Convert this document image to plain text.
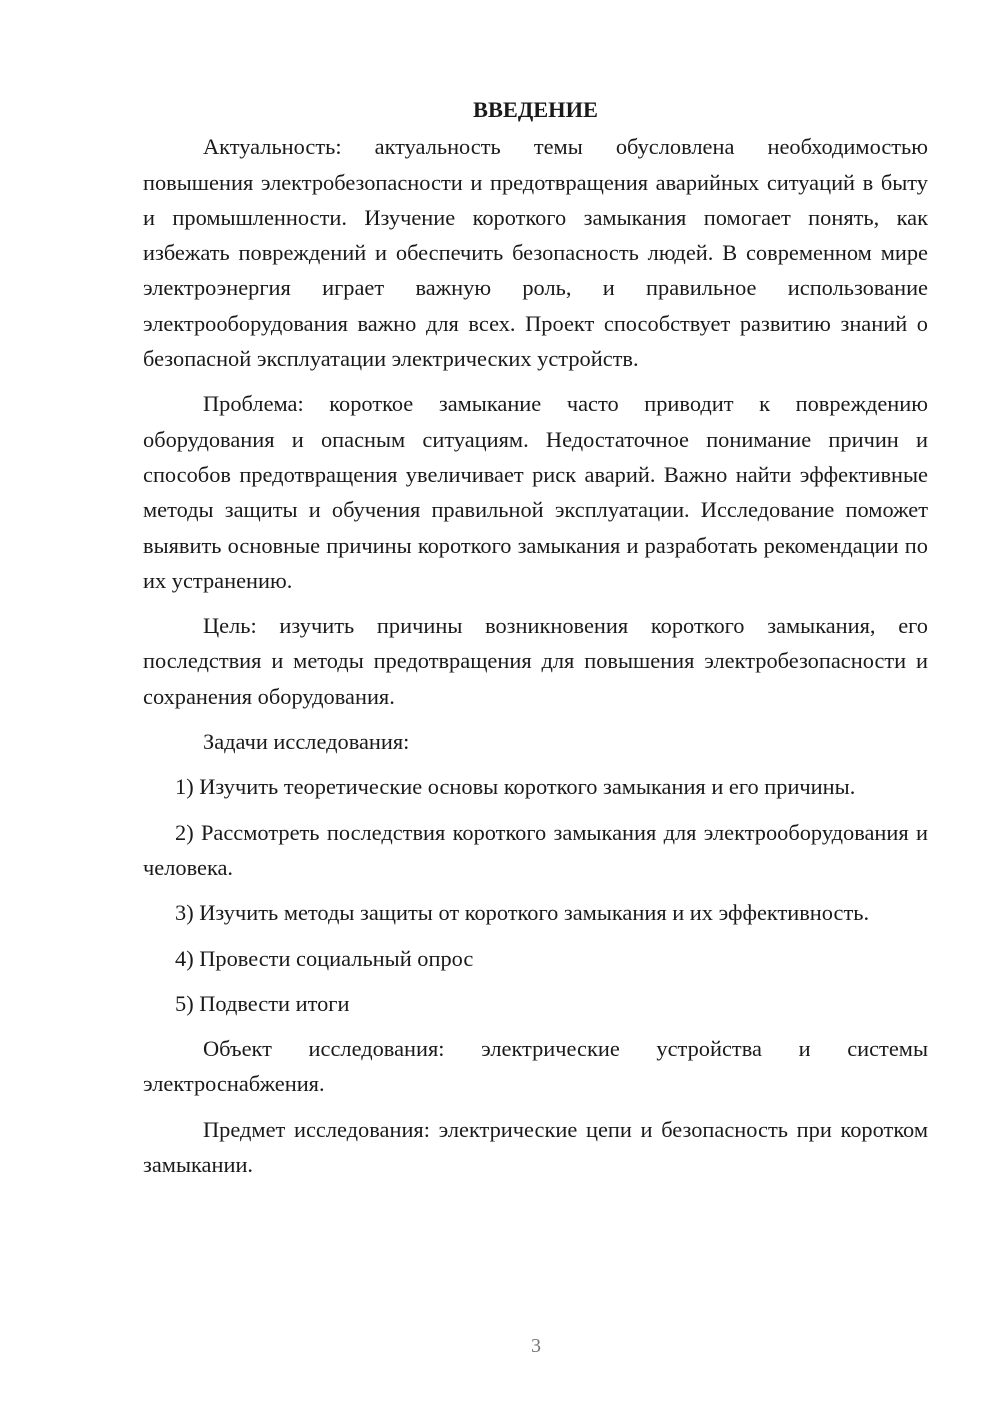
ВВЕДЕНИЕ

Актуальность: актуальность темы обусловлена необходимостью повышения электробезопасности и предотвращения аварийных ситуаций в быту и промышленности. Изучение короткого замыкания помогает понять, как избежать повреждений и обеспечить безопасность людей. В современном мире электроэнергия играет важную роль, и правильное использование электрооборудования важно для всех. Проект способствует развитию знаний о безопасной эксплуатации электрических устройств.

Проблема: короткое замыкание часто приводит к повреждению оборудования и опасным ситуациям. Недостаточное понимание причин и способов предотвращения увеличивает риск аварий. Важно найти эффективные методы защиты и обучения правильной эксплуатации. Исследование поможет выявить основные причины короткого замыкания и разработать рекомендации по их устранению.

Цель: изучить причины возникновения короткого замыкания, его последствия и методы предотвращения для повышения электробезопасности и сохранения оборудования.

Задачи исследования:

1) Изучить теоретические основы короткого замыкания и его причины.

2) Рассмотреть последствия короткого замыкания для электрооборудования и человека.

3) Изучить методы защиты от короткого замыкания и их эффективность.

4) Провести социальный опрос

5) Подвести итоги

Объект исследования: электрические устройства и системы электроснабжения.

Предмет исследования: электрические цепи и безопасность при коротком замыкании.

3
